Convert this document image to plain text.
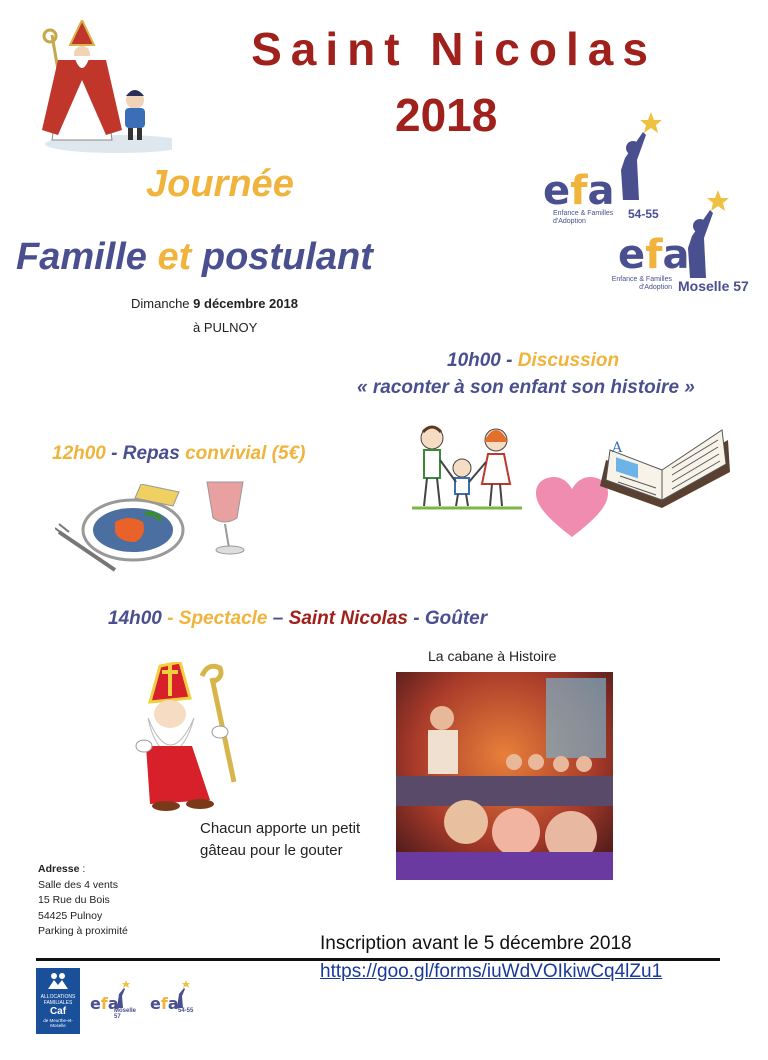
Saint Nicolas
2018
Journée
Famille et postulant
Dimanche 9 décembre 2018
à PULNOY
efa
Enfance & Familles d'Adoption
54-55
efa
Enfance & Familles d'Adoption Moselle 57
10h00 - Discussion
« raconter à son enfant son histoire »
A
12h00 - Repas convivial (5€)
14h00 - Spectacle – Saint Nicolas - Goûter
La cabane à Histoire
Chacun apporte un petit
gâteau pour le gouter
Adresse :
Salle des 4 vents
15 Rue du Bois
54425 Pulnoy
Parking à proximité
Inscription avant le 5 décembre 2018
https://goo.gl/forms/iuWdVOIkiwCq4lZu1
ALLOCATIONS FAMILIALES
Caf
de Meurthe-et-Moselle
efa
Moselle 57
efa 54-55
